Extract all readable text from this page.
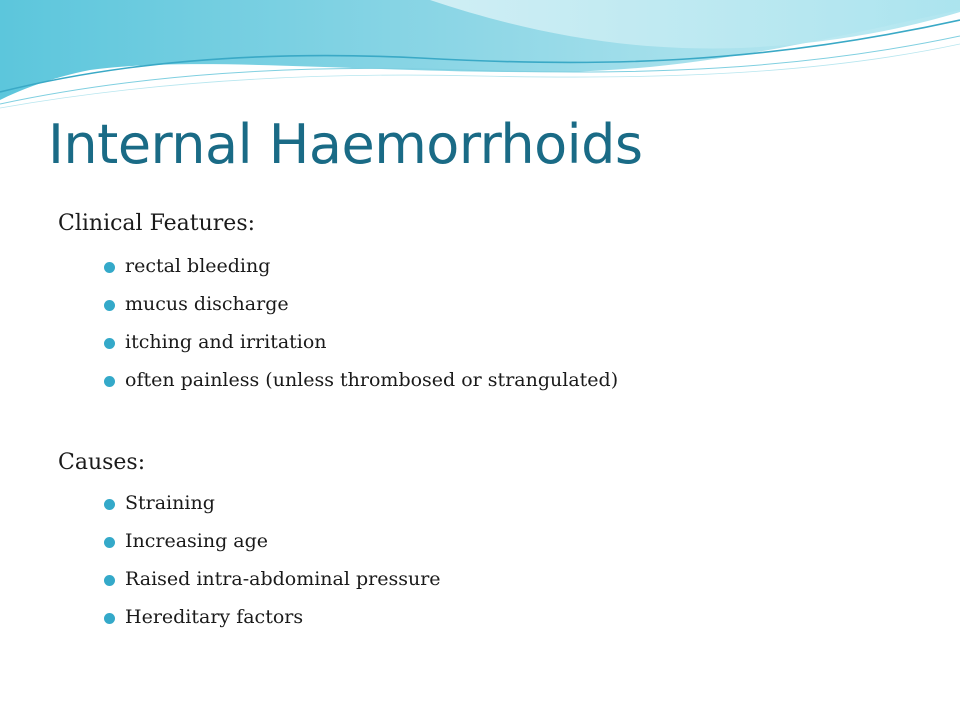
Internal Haemorrhoids
Clinical Features:
rectal bleeding
mucus discharge
itching and irritation
often painless (unless thrombosed or strangulated)
Causes:
Straining
Increasing age
Raised intra-abdominal pressure
Hereditary factors
